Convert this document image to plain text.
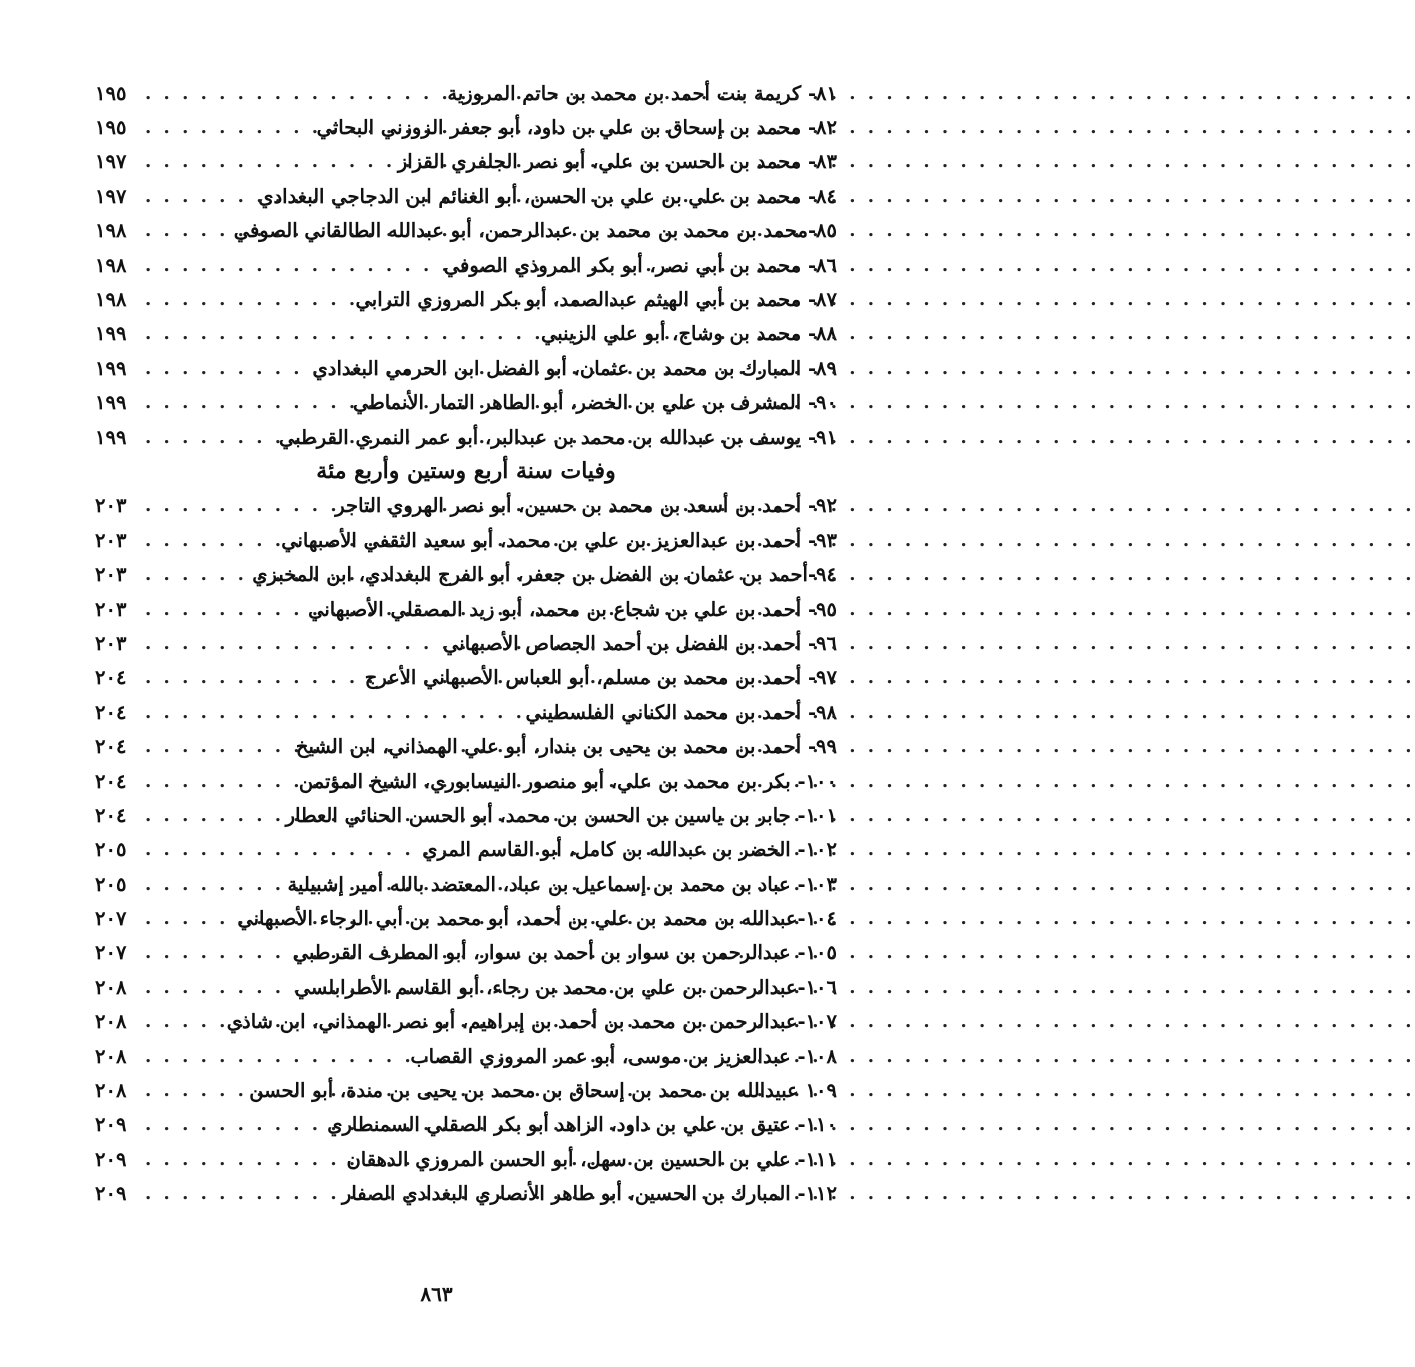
٨١- كريمة بنت أحمد بن محمد بن حاتم المروزية
. . .
١٩٥
٨٢- محمد بن إسحاق بن علي بن داود، أبو جعفر الزوزني البحاثي
. . .
١٩٥
٨٣- محمد بن الحسن بن علي، أبو نصر الجلفري القزاز
. . .
١٩٧
٨٤- محمد بن علي بن علي بن الحسن، أبو الغنائم ابن الدجاجي البغدادي
. . .
١٩٧
٨٥-محمد بن محمد بن محمد بن عبدالرحمن، أبو عبدالله الطالقاني الصوفي
. . .
١٩٨
٨٦- محمد بن أبي نصر، أبو بكر المروذي الصوفي
. . .
١٩٨
٨٧- محمد بن أبي الهيثم عبدالصمد، أبو بكر المروزي الترابي
. . .
١٩٨
٨٨- محمد بن وشاح، أبو علي الزينبي
. . .
١٩٩
٨٩- المبارك بن محمد بن عثمان، أبو الفضل ابن الحرمي البغدادي
. . .
١٩٩
٩٠- المشرف بن علي بن الخضر، أبو الطاهر التمار الأنماطي
. . .
١٩٩
٩١- يوسف بن عبدالله بن محمد بن عبدالبر، أبو عمر النمري القرطبي
. . .
١٩٩
وفيات سنة أربع وستين وأربع مئة
٩٢- أحمد بن أسعد بن محمد بن حسين، أبو نصر الهروي التاجر
. . .
٢٠٣
٩٣- أحمد بن عبدالعزيز بن علي بن محمد، أبو سعيد الثقفي الأصبهاني
. . .
٢٠٣
٩٤-أحمد بن عثمان بن الفضل بن جعفر، أبو الفرج البغدادي، ابن المخبزي
. . .
٢٠٣
٩٥- أحمد بن علي بن شجاع بن محمد، أبو زيد المصقلي الأصبهاني
. . .
٢٠٣
٩٦- أحمد بن الفضل بن أحمد الجصاص الأصبهاني
. . .
٢٠٣
٩٧- أحمد بن محمد بن مسلم، أبو العباس الأصبهاني الأعرج
. . .
٢٠٤
٩٨- أحمد بن محمد الكناني الفلسطيني
. . .
٢٠٤
٩٩- أحمد بن محمد بن يحيى بن بندار، أبو علي الهمذاني، ابن الشيخ
. . .
٢٠٤
١٠٠- بكر بن محمد بن علي، أبو منصور النيسابوري، الشيخ المؤتمن
. . .
٢٠٤
١٠١- جابر بن ياسين بن الحسن بن محمد، أبو الحسن الحنائي العطار
. . .
٢٠٤
١٠٢- الخضر بن عبدالله بن كامل، أبو القاسم المري
. . .
٢٠٥
١٠٣- عباد بن محمد بن إسماعيل بن عباد، المعتضد بالله أمير إشبيلية
. . .
٢٠٥
١٠٤-عبدالله بن محمد بن علي بن أحمد، أبو محمد بن أبي الرجاء الأصبهاني
. . .
٢٠٧
١٠٥- عبدالرحمن بن سوار بن أحمد بن سوار، أبو المطرف القرطبي
. . .
٢٠٧
١٠٦-عبدالرحمن بن علي بن محمد بن رجاء، أبو القاسم الأطرابلسي
. . .
٢٠٨
١٠٧-عبدالرحمن بن محمد بن أحمد بن إبراهيم، أبو نصر الهمذاني، ابن شاذي
. . .
٢٠٨
١٠٨- عبدالعزيز بن موسى، أبو عمر المروزي القصاب
. . .
٢٠٨
١٠٩ عبيدالله بن محمد بن إسحاق بن محمد بن يحيى بن مندة، أبو الحسن
. . .
٢٠٨
١١٠- عتيق بن علي بن داود، الزاهد أبو بكر الصقلي السمنطاري
. . .
٢٠٩
١١١- علي بن الحسين بن سهل، أبو الحسن المروزي الدهقان
. . .
٢٠٩
١١٢- المبارك بن الحسين، أبو طاهر الأنصاري البغدادي الصفار
. . .
٢٠٩
٨٦٣
